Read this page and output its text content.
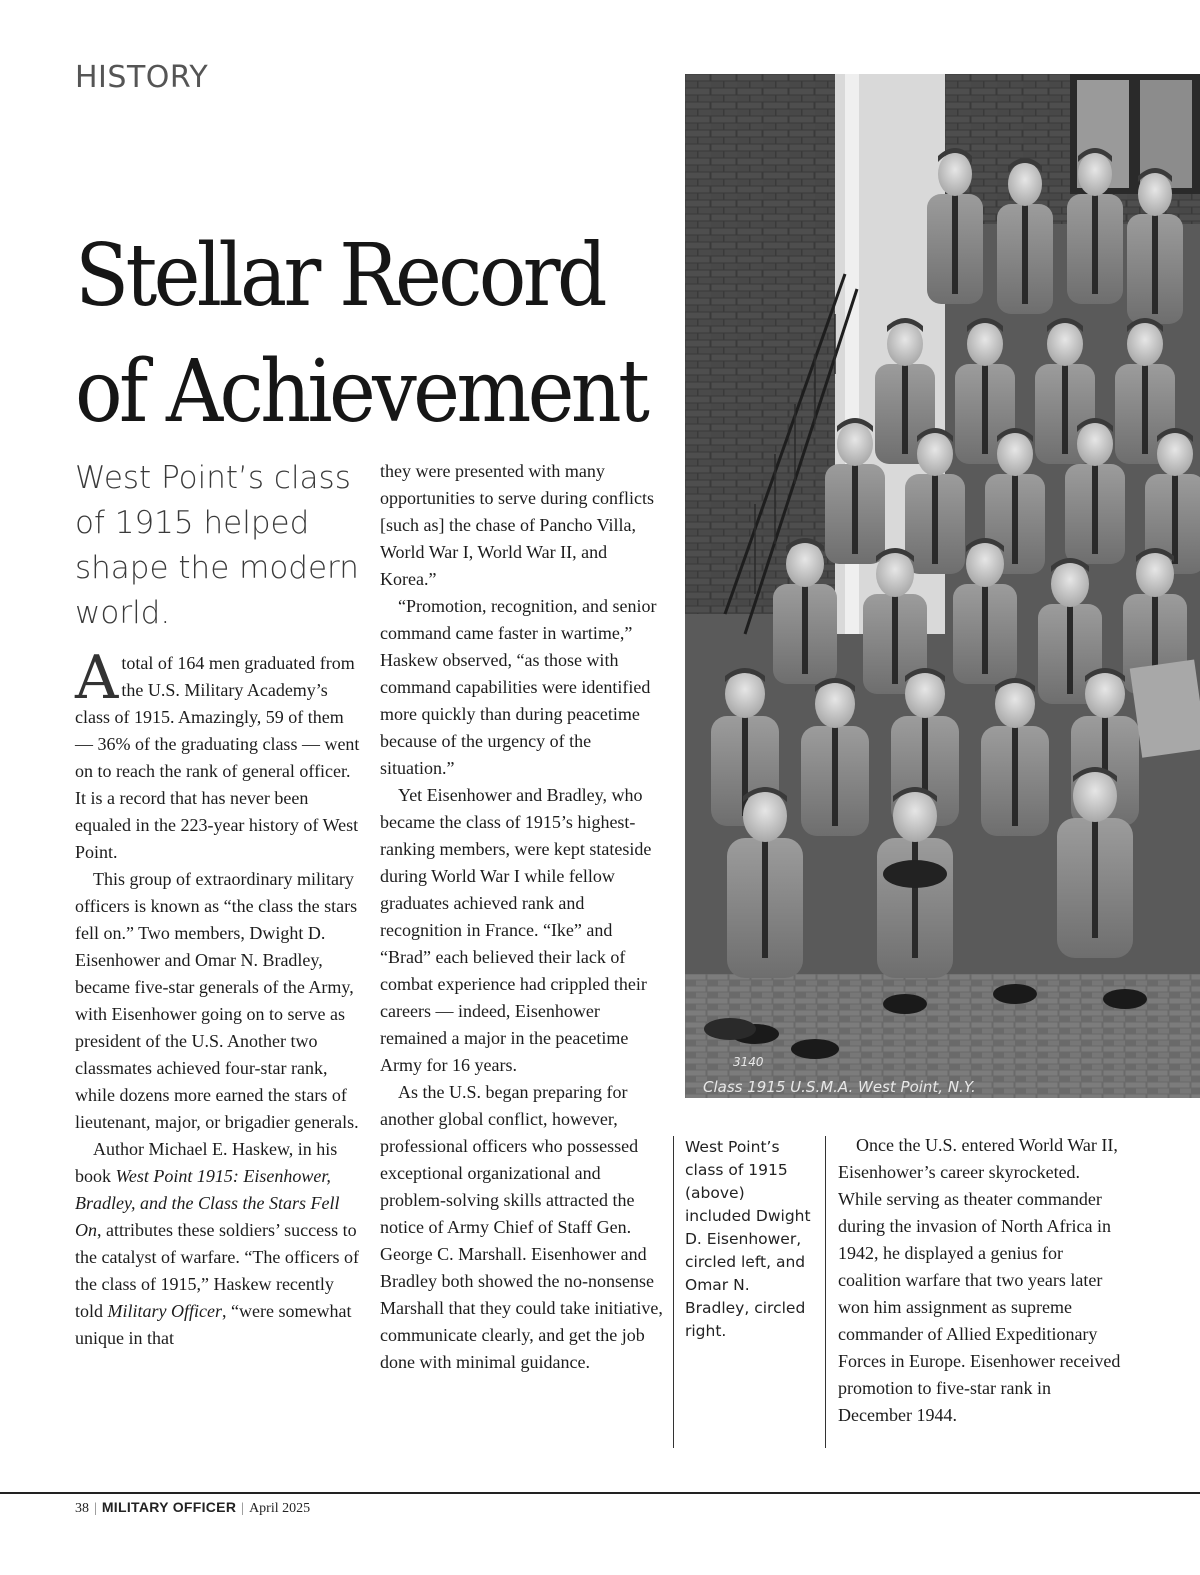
HISTORY
Stellar Record
of Achievement
West Point’s class of 1915 helped shape the modern world.

A total of 164 men graduated from the U.S. Military Academy’s class of 1915. Amazingly, 59 of them — 36% of the graduating class — went on to reach the rank of general officer. It is a record that has never been equaled in the 223-year history of West Point.

This group of extraordinary military officers is known as “the class the stars fell on.” Two members, Dwight D. Eisenhower and Omar N. Bradley, became five-star generals of the Army, with Eisenhower going on to serve as president of the U.S. Another two classmates achieved four-star rank, while dozens more earned the stars of lieutenant, major, or brigadier generals.

Author Michael E. Haskew, in his book West Point 1915: Eisenhower, Bradley, and the Class the Stars Fell On, attributes these soldiers’ success to the catalyst of warfare. “The officers of the class of 1915,” Haskew recently told Military Officer, “were somewhat unique in that

they were presented with many opportunities to serve during conflicts [such as] the chase of Pancho Villa, World War I, World War II, and Korea.”

“Promotion, recognition, and senior command came faster in wartime,” Haskew observed, “as those with command capabilities were identified more quickly than during peacetime because of the urgency of the situation.”

Yet Eisenhower and Bradley, who became the class of 1915’s highest-ranking members, were kept stateside during World War I while fellow graduates achieved rank and recognition in France. “Ike” and “Brad” each believed their lack of combat experience had crippled their careers — indeed, Eisenhower remained a major in the peacetime Army for 16 years.

As the U.S. began preparing for another global conflict, however, professional officers who possessed exceptional organizational and problem-solving skills attracted the notice of Army Chief of Staff Gen. George C. Marshall. Eisenhower and Bradley both showed the no-nonsense Marshall that they could take initiative, communicate clearly, and get the job done with minimal guidance.

3140
Class 1915 U.S.M.A. West Point, N.Y.
West Point’s class of 1915 (above) included Dwight D. Eisenhower, circled left, and Omar N. Bradley, circled right.

Once the U.S. entered World War II, Eisenhower’s career skyrocketed. While serving as theater commander during the invasion of North Africa in 1942, he displayed a genius for coalition warfare that two years later won him assignment as supreme commander of Allied Expeditionary Forces in Europe. Eisenhower received promotion to five-star rank in December 1944.

38 | MILITARY OFFICER | April 2025
